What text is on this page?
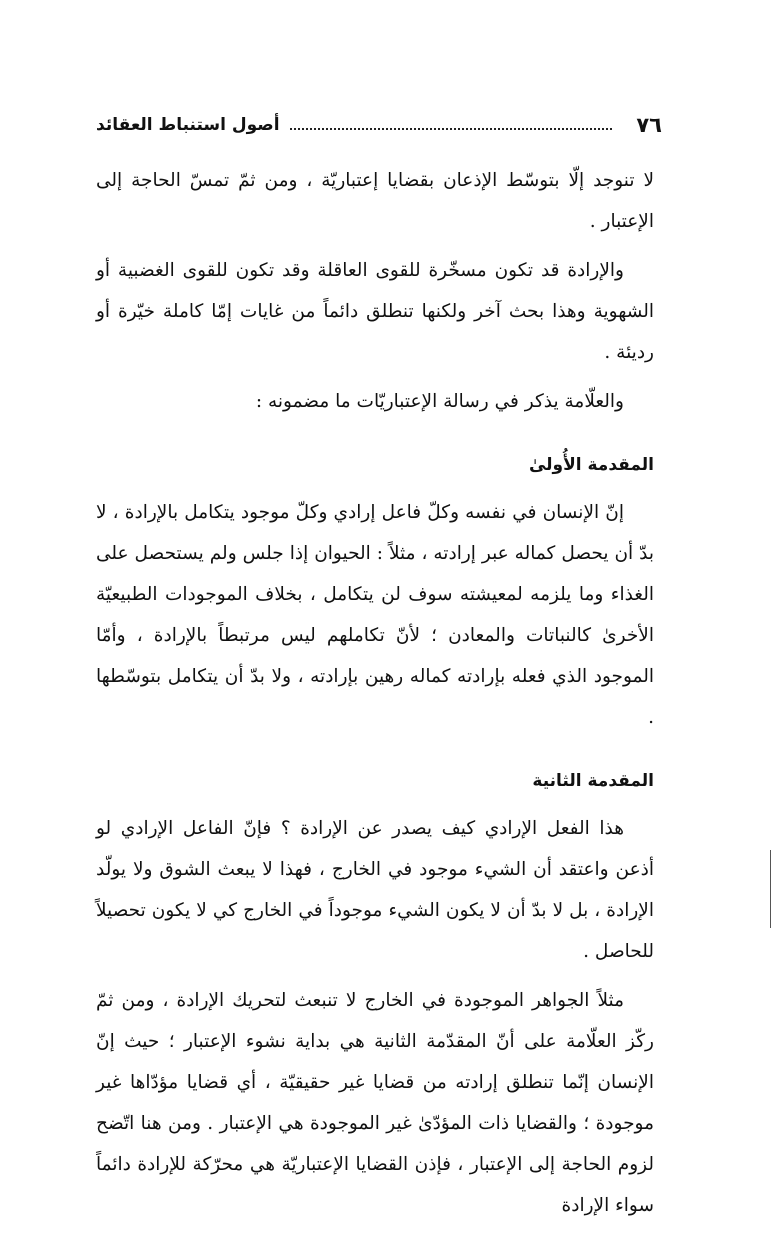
٧٦
أصول استنباط العقائد

لا تنوجد إلّا بتوسّط الإذعان بقضايا إعتباريّة ، ومن ثمّ تمسّ الحاجة إلى الإعتبار .

والإرادة قد تكون مسخّرة للقوى العاقلة وقد تكون للقوى الغضبية أو الشهوية وهذا بحث آخر ولكنها تنطلق دائماً من غايات إمّا كاملة خيّرة أو رديئة .

والعلّامة يذكر في رسالة الإعتباريّات ما مضمونه :

المقدمة الأُولىٰ

إنّ الإنسان في نفسه وكلّ فاعل إرادي وكلّ موجود يتكامل بالإرادة ، لا بدّ أن يحصل كماله عبر إرادته ، مثلاً : الحيوان إذا جلس ولم يستحصل على الغذاء وما يلزمه لمعيشته سوف لن يتكامل ، بخلاف الموجودات الطبيعيّة الأخرىٰ كالنباتات والمعادن ؛ لأنّ تكاملهم ليس مرتبطاً بالإرادة ، وأمّا الموجود الذي فعله بإرادته كماله رهين بإرادته ، ولا بدّ أن يتكامل بتوسّطها .

المقدمة الثانية

هذا الفعل الإرادي كيف يصدر عن الإرادة ؟ فإنّ الفاعل الإرادي لو أذعن واعتقد أن الشيء موجود في الخارج ، فهذا لا يبعث الشوق ولا يولّد الإرادة ، بل لا بدّ أن لا يكون الشيء موجوداً في الخارج كي لا يكون تحصيلاً للحاصل .

مثلاً الجواهر الموجودة في الخارج لا تنبعث لتحريك الإرادة ، ومن ثمّ ركّز العلّامة على أنّ المقدّمة الثانية هي بداية نشوء الإعتبار ؛ حيث إنّ الإنسان إنّما تنطلق إرادته من قضايا غير حقيقيّة ، أي قضايا مؤدّاها غير موجودة ؛ والقضايا ذات المؤدّىٰ غير الموجودة هي الإعتبار . ومن هنا اتّضح لزوم الحاجة إلى الإعتبار ، فإذن القضايا الإعتباريّة هي محرّكة للإرادة دائماً سواء الإرادة
